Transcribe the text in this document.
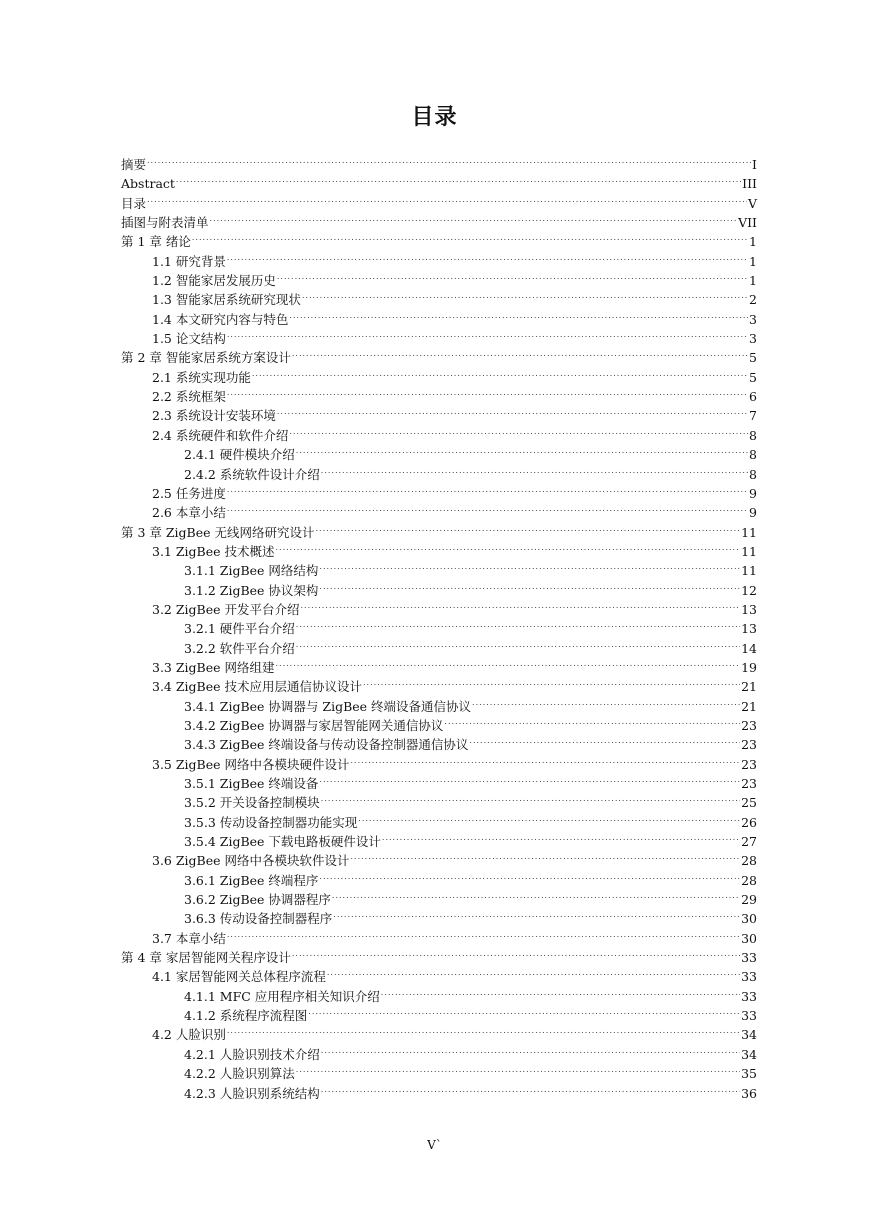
目录
摘要 .....	I
Abstract .....	III
目录 .....	V
插图与附表清单 .....	VII
第 1 章 绪论 .....	1
1.1 研究背景 .....	1
1.2 智能家居发展历史 .....	1
1.3 智能家居系统研究现状 .....	2
1.4 本文研究内容与特色 .....	3
1.5 论文结构 .....	3
第 2 章 智能家居系统方案设计 .....	5
2.1 系统实现功能 .....	5
2.2 系统框架 .....	6
2.3 系统设计安装环境 .....	7
2.4 系统硬件和软件介绍 .....	8
2.4.1 硬件模块介绍 .....	8
2.4.2 系统软件设计介绍 .....	8
2.5 任务进度 .....	9
2.6 本章小结 .....	9
第 3 章 ZigBee 无线网络研究设计 .....	11
3.1 ZigBee 技术概述 .....	11
3.1.1 ZigBee 网络结构 .....	11
3.1.2 ZigBee 协议架构 .....	12
3.2 ZigBee 开发平台介绍 .....	13
3.2.1 硬件平台介绍 .....	13
3.2.2 软件平台介绍 .....	14
3.3 ZigBee 网络组建 .....	19
3.4 ZigBee 技术应用层通信协议设计 .....	21
3.4.1 ZigBee 协调器与 ZigBee 终端设备通信协议 .....	21
3.4.2 ZigBee 协调器与家居智能网关通信协议 .....	23
3.4.3 ZigBee 终端设备与传动设备控制器通信协议 .....	23
3.5 ZigBee 网络中各模块硬件设计 .....	23
3.5.1 ZigBee 终端设备 .....	23
3.5.2 开关设备控制模块 .....	25
3.5.3 传动设备控制器功能实现 .....	26
3.5.4 ZigBee 下载电路板硬件设计 .....	27
3.6 ZigBee 网络中各模块软件设计 .....	28
3.6.1 ZigBee 终端程序 .....	28
3.6.2 ZigBee 协调器程序 .....	29
3.6.3 传动设备控制器程序 .....	30
3.7 本章小结 .....	30
第 4 章 家居智能网关程序设计 .....	33
4.1 家居智能网关总体程序流程 .....	33
4.1.1 MFC 应用程序相关知识介绍 .....	33
4.1.2 系统程序流程图 .....	33
4.2 人脸识别 .....	34
4.2.1 人脸识别技术介绍 .....	34
4.2.2 人脸识别算法 .....	35
4.2.3 人脸识别系统结构 .....	36
V`
